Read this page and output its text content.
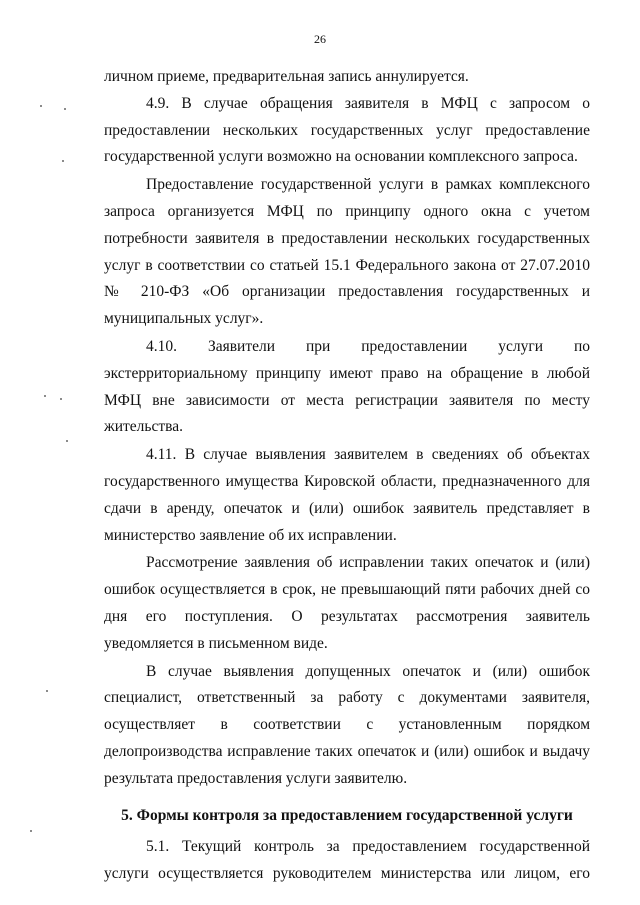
26

личном приеме, предварительная запись аннулируется.

4.9. В случае обращения заявителя в МФЦ с запросом о предоставлении нескольких государственных услуг предоставление государственной услуги возможно на основании комплексного запроса.

Предоставление государственной услуги в рамках комплексного запроса организуется МФЦ по принципу одного окна с учетом потребности заявителя в предоставлении нескольких государственных услуг в соответствии со статьей 15.1 Федерального закона от 27.07.2010 № 210-ФЗ «Об организации предоставления государственных и муниципальных услуг».

4.10. Заявители при предоставлении услуги по экстерриториальному принципу имеют право на обращение в любой МФЦ вне зависимости от места регистрации заявителя по месту жительства.

4.11. В случае выявления заявителем в сведениях об объектах государственного имущества Кировской области, предназначенного для сдачи в аренду, опечаток и (или) ошибок заявитель представляет в министерство заявление об их исправлении.

Рассмотрение заявления об исправлении таких опечаток и (или) ошибок осуществляется в срок, не превышающий пяти рабочих дней со дня его поступления. О результатах рассмотрения заявитель уведомляется в письменном виде.

В случае выявления допущенных опечаток и (или) ошибок специалист, ответственный за работу с документами заявителя, осуществляет в соответствии с установленным порядком делопроизводства исправление таких опечаток и (или) ошибок и выдачу результата предоставления услуги заявителю.

5. Формы контроля за предоставлением государственной услуги

5.1. Текущий контроль за предоставлением государственной услуги осуществляется руководителем министерства или лицом, его
